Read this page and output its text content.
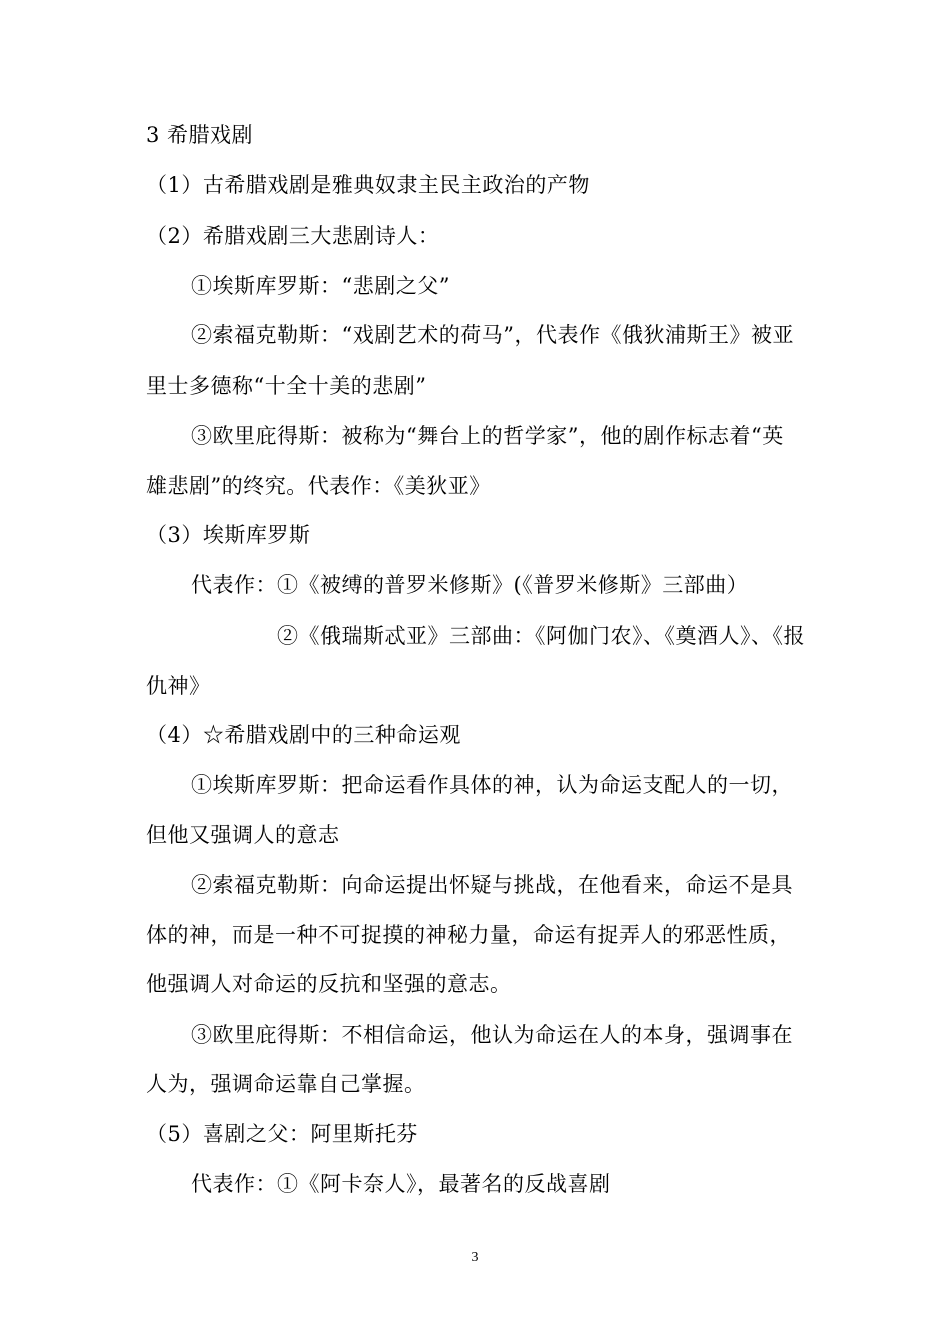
3 希腊戏剧
（1）古希腊戏剧是雅典奴隶主民主政治的产物
（2）希腊戏剧三大悲剧诗人：
①埃斯库罗斯：“悲剧之父”
②索福克勒斯：“戏剧艺术的荷马”，代表作《俄狄浦斯王》被亚
里士多德称“十全十美的悲剧”
③欧里庇得斯：被称为“舞台上的哲学家”，他的剧作标志着“英
雄悲剧”的终究。代表作：《美狄亚》
（3）埃斯库罗斯
代表作：①《被缚的普罗米修斯》(《普罗米修斯》三部曲）
②《俄瑞斯忒亚》三部曲：《阿伽门农》、《奠酒人》、《报
仇神》
（4）☆希腊戏剧中的三种命运观
①埃斯库罗斯：把命运看作具体的神，认为命运支配人的一切，
但他又强调人的意志
②索福克勒斯：向命运提出怀疑与挑战，在他看来，命运不是具
体的神，而是一种不可捉摸的神秘力量，命运有捉弄人的邪恶性质，
他强调人对命运的反抗和坚强的意志。
③欧里庇得斯：不相信命运，他认为命运在人的本身，强调事在
人为，强调命运靠自己掌握。
（5）喜剧之父：阿里斯托芬
代表作：①《阿卡奈人》，最著名的反战喜剧
3
